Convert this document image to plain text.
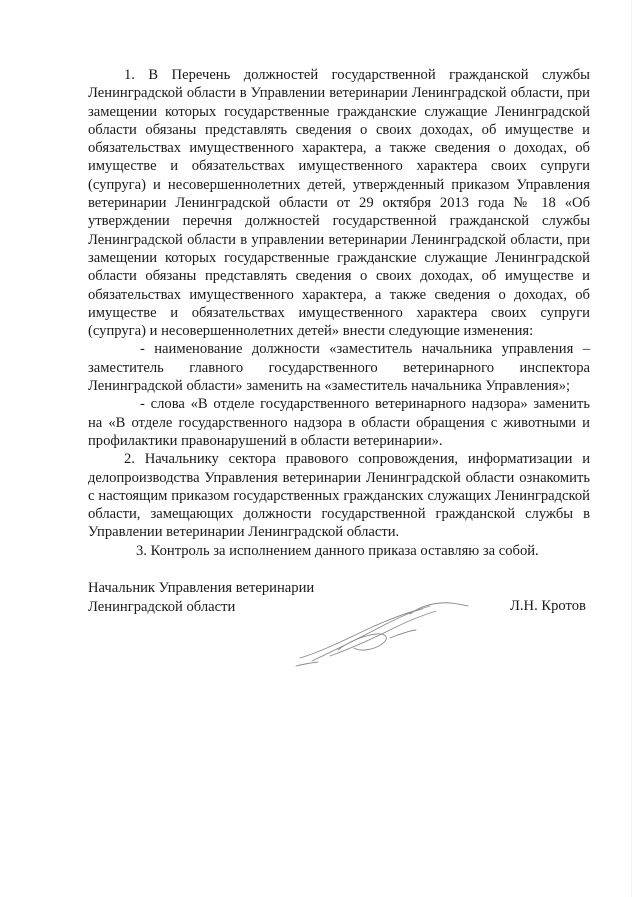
1. В Перечень должностей государственной гражданской службы Ленинградской области в Управлении ветеринарии Ленинградской области, при замещении которых государственные гражданские служащие Ленинградской области обязаны представлять сведения о своих доходах, об имуществе и обязательствах имущественного характера, а также сведения о доходах, об имуществе и обязательствах имущественного характера своих супруги (супруга) и несовершеннолетних детей, утвержденный приказом Управления ветеринарии Ленинградской области от 29 октября 2013 года № 18 «Об утверждении перечня должностей государственной гражданской службы Ленинградской области в управлении ветеринарии Ленинградской области, при замещении которых государственные гражданские служащие Ленинградской области обязаны представлять сведения о своих доходах, об имуществе и обязательствах имущественного характера, а также сведения о доходах, об имуществе и обязательствах имущественного характера своих супруги (супруга) и несовершеннолетних детей» внести следующие изменения:

- наименование должности «заместитель начальника управления – заместитель главного государственного ветеринарного инспектора Ленинградской области» заменить на «заместитель начальника Управления»;

- слова «В отделе государственного ветеринарного надзора» заменить на «В отделе государственного надзора в области обращения с животными и профилактики правонарушений в области ветеринарии».

2. Начальнику сектора правового сопровождения, информатизации и делопроизводства Управления ветеринарии Ленинградской области ознакомить с настоящим приказом государственных гражданских служащих Ленинградской области, замещающих должности государственной гражданской службы в Управлении ветеринарии Ленинградской области.

3. Контроль за исполнением данного приказа оставляю за собой.

Начальник Управления ветеринарии
Ленинградской области	Л.Н. Кротов
